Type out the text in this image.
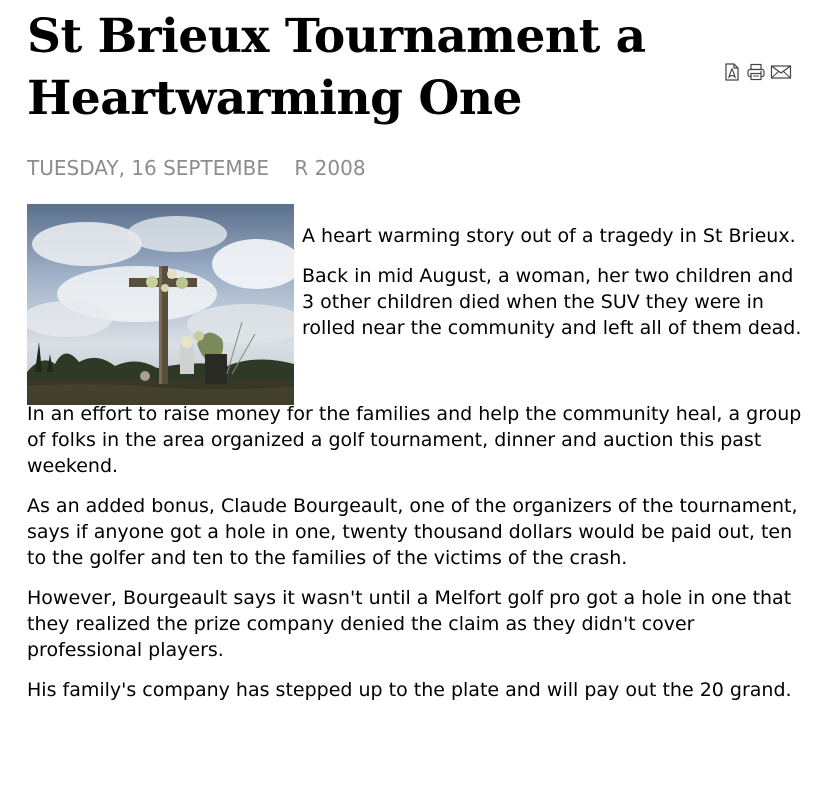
St Brieux Tournament a Heartwarming One

TUESDAY, 16 SEPTEMBE    R 2008

A heart warming story out of a tragedy in St Brieux.

Back in mid August, a woman, her two children and 3 other children died when the SUV they were in rolled near the community and left all of them dead.

In an effort to raise money for the families and help the community heal, a group of folks in the area organized a golf tournament, dinner and auction this past weekend.

As an added bonus, Claude Bourgeault, one of the organizers of the tournament, says if anyone got a hole in one, twenty thousand dollars would be paid out, ten to the golfer and ten to the families of the victims of the crash.

However, Bourgeault says it wasn't until a Melfort golf pro got a hole in one that they realized the prize company denied the claim as they didn't cover professional players.

His family's company has stepped up to the plate and will pay out the 20 grand.
